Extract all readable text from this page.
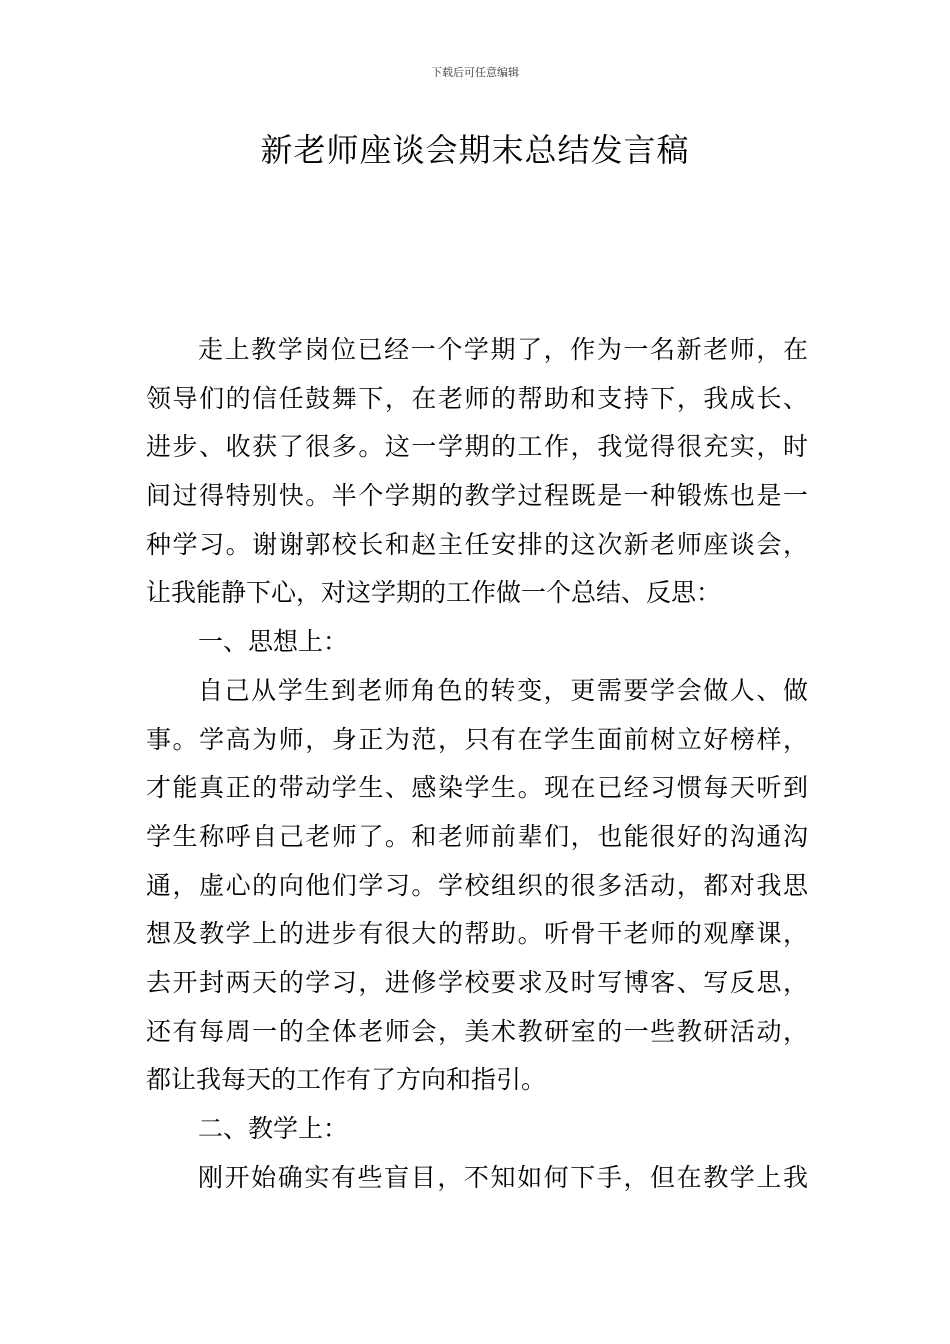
下载后可任意编辑
新老师座谈会期末总结发言稿
走上教学岗位已经一个学期了，作为一名新老师，在
领导们的信任鼓舞下，在老师的帮助和支持下，我成长、
进步、收获了很多。这一学期的工作，我觉得很充实，时
间过得特别快。半个学期的教学过程既是一种锻炼也是一
种学习。谢谢郭校长和赵主任安排的这次新老师座谈会，
让我能静下心，对这学期的工作做一个总结、反思：
一、思想上：
自己从学生到老师角色的转变，更需要学会做人、做
事。学高为师，身正为范，只有在学生面前树立好榜样，
才能真正的带动学生、感染学生。现在已经习惯每天听到
学生称呼自己老师了。和老师前辈们，也能很好的沟通沟
通，虚心的向他们学习。学校组织的很多活动，都对我思
想及教学上的进步有很大的帮助。听骨干老师的观摩课，
去开封两天的学习，进修学校要求及时写博客、写反思，
还有每周一的全体老师会，美术教研室的一些教研活动，
都让我每天的工作有了方向和指引。
二、教学上：
刚开始确实有些盲目，不知如何下手，但在教学上我
